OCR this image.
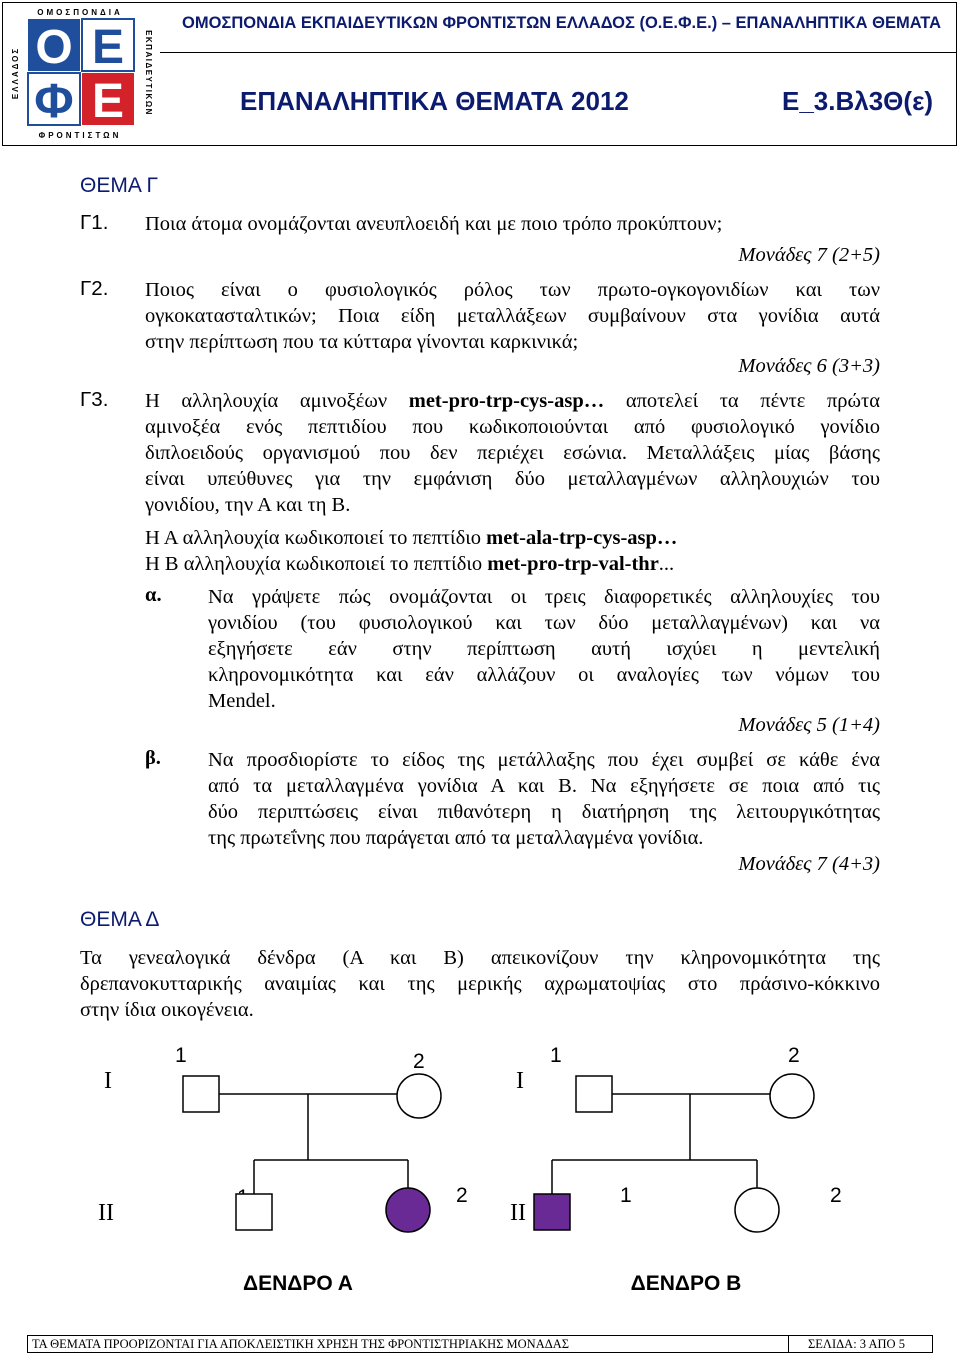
Ο Ε
Φ Ε
ΟΜΟΣΠΟΝΔΙΑ
ΦΡΟΝΤΙΣΤΩΝ
ΕΛΛΑΔΟΣ	ΕΚΠΑΙΔΕΥΤΙΚΩΝ
ΟΜΟΣΠΟΝΔΙΑ ΕΚΠΑΙΔΕΥΤΙΚΩΝ ΦΡΟΝΤΙΣΤΩΝ ΕΛΛΑΔΟΣ (Ο.Ε.Φ.Ε.) – ΕΠΑΝΑΛΗΠΤΙΚΑ ΘΕΜΑΤΑ
ΕΠΑΝΑΛΗΠΤΙΚΑ ΘΕΜΑΤΑ 2012	Ε_3.Βλ3Θ(ε)
ΘΕΜΑ Γ
Γ1. Ποια άτομα ονομάζονται ανευπλοειδή και με ποιο τρόπο προκύπτουν;
Μονάδες 7 (2+5)
Γ2. Ποιος είναι ο φυσιολογικός ρόλος των πρωτο-ογκογονιδίων και των
ογκοκατασταλτικών; Ποια είδη μεταλλάξεων συμβαίνουν στα γονίδια αυτά
στην περίπτωση που τα κύτταρα γίνονται καρκινικά;
Μονάδες 6 (3+3)
Γ3. Η αλληλουχία αμινοξέων met-pro-trp-cys-asp… αποτελεί τα πέντε πρώτα
αμινοξέα ενός πεπτιδίου που κωδικοποιούνται από φυσιολογικό γονίδιο
διπλοειδούς οργανισμού που δεν περιέχει εσώνια. Μεταλλάξεις μίας βάσης
είναι υπεύθυνες για την εμφάνιση δύο μεταλλαγμένων αλληλουχιών του
γονιδίου, την Α και τη Β.
Η Α αλληλουχία κωδικοποιεί το πεπτίδιο met-ala-trp-cys-asp…
Η Β αλληλουχία κωδικοποιεί το πεπτίδιο met-pro-trp-val-thr...
α. Να γράψετε πώς ονομάζονται οι τρεις διαφορετικές αλληλουχίες του
γονιδίου (του φυσιολογικού και των δύο μεταλλαγμένων) και να
εξηγήσετε εάν στην περίπτωση αυτή ισχύει η μεντελική
κληρονομικότητα και εάν αλλάζουν οι αναλογίες των νόμων του
Mendel.
Μονάδες 5 (1+4)
β. Να προσδιορίστε το είδος της μετάλλαξης που έχει συμβεί σε κάθε ένα
από τα μεταλλαγμένα γονίδια Α και Β. Να εξηγήσετε σε ποια από τις
δύο περιπτώσεις είναι πιθανότερη η διατήρηση της λειτουργικότητας
της πρωτεΐνης που παράγεται από τα μεταλλαγμένα γονίδια.
Μονάδες 7 (4+3)
ΘΕΜΑ Δ
Τα γενεαλογικά δένδρα (Α και Β) απεικονίζουν την κληρονομικότητα της
δρεπανοκυτταρικής αναιμίας και της μερικής αχρωματοψίας στο πράσινο-κόκκινο
στην ίδια οικογένεια.
I
1	2
II
2
ΔΕΝΔΡΟ Α
I
1	2
II
1	2
ΔΕΝΔΡΟ Β
ΤΑ ΘΕΜΑΤΑ ΠΡΟΟΡΙΖΟΝΤΑΙ ΓΙΑ ΑΠΟΚΛΕΙΣΤΙΚΗ ΧΡΗΣΗ ΤΗΣ ΦΡΟΝΤΙΣΤΗΡΙΑΚΗΣ ΜΟΝΑΔΑΣ	ΣΕΛΙΔΑ: 3 ΑΠΟ 5
